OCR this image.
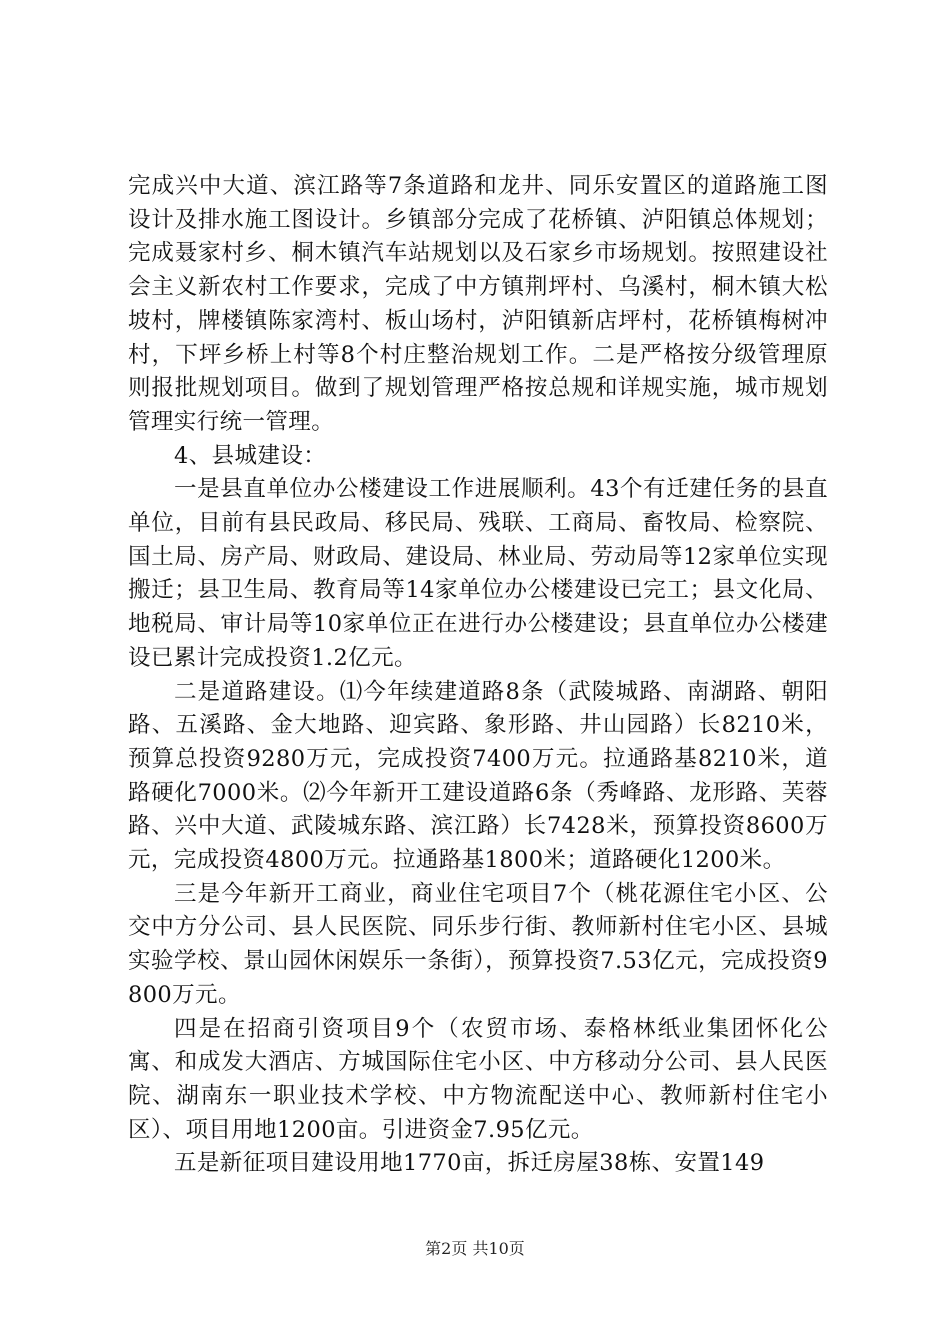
完成兴中大道、滨江路等7条道路和龙井、同乐安置区的道路施工图设计及排水施工图设计。乡镇部分完成了花桥镇、泸阳镇总体规划；完成聂家村乡、桐木镇汽车站规划以及石家乡市场规划。按照建设社会主义新农村工作要求，完成了中方镇荆坪村、乌溪村，桐木镇大松坡村，牌楼镇陈家湾村、板山场村，泸阳镇新店坪村，花桥镇梅树冲村，下坪乡桥上村等8个村庄整治规划工作。二是严格按分级管理原则报批规划项目。做到了规划管理严格按总规和详规实施，城市规划管理实行统一管理。

4、县城建设：

一是县直单位办公楼建设工作进展顺利。43个有迁建任务的县直单位，目前有县民政局、移民局、残联、工商局、畜牧局、检察院、国土局、房产局、财政局、建设局、林业局、劳动局等12家单位实现搬迁；县卫生局、教育局等14家单位办公楼建设已完工；县文化局、地税局、审计局等10家单位正在进行办公楼建设；县直单位办公楼建设已累计完成投资1.2亿元。

二是道路建设。⑴今年续建道路8条（武陵城路、南湖路、朝阳路、五溪路、金大地路、迎宾路、象形路、井山园路）长8210米，预算总投资9280万元，完成投资7400万元。拉通路基8210米，道路硬化7000米。⑵今年新开工建设道路6条（秀峰路、龙形路、芙蓉路、兴中大道、武陵城东路、滨江路）长7428米，预算投资8600万元，完成投资4800万元。拉通路基1800米；道路硬化1200米。

三是今年新开工商业，商业住宅项目7个（桃花源住宅小区、公交中方分公司、县人民医院、同乐步行街、教师新村住宅小区、县城实验学校、景山园休闲娱乐一条街），预算投资7.53亿元，完成投资9800万元。

四是在招商引资项目9个（农贸市场、泰格林纸业集团怀化公寓、和成发大酒店、方城国际住宅小区、中方移动分公司、县人民医院、湖南东一职业技术学校、中方物流配送中心、教师新村住宅小区）、项目用地1200亩。引进资金7.95亿元。

五是新征项目建设用地1770亩，拆迁房屋38栋、安置149

第2页 共10页
